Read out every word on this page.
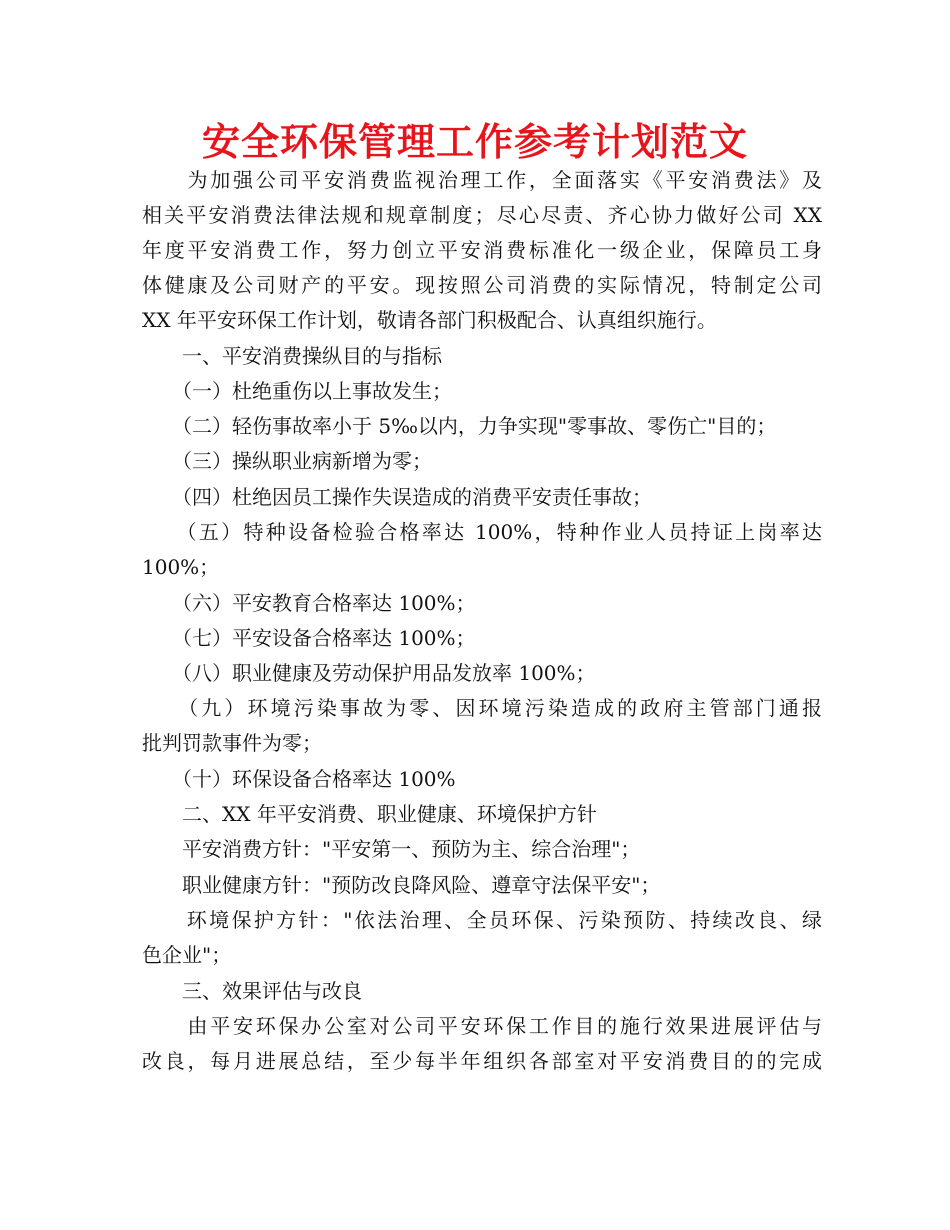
安全环保管理工作参考计划范文

　　为加强公司平安消费监视治理工作，全面落实《平安消费法》及

相关平安消费法律法规和规章制度；尽心尽责、齐心协力做好公司 XX

年度平安消费工作，努力创立平安消费标准化一级企业，保障员工身

体健康及公司财产的平安。现按照公司消费的实际情况，特制定公司

XX 年平安环保工作计划，敬请各部门积极配合、认真组织施行。

　　一、平安消费操纵目的与指标

　　（一）杜绝重伤以上事故发生；

　　（二）轻伤事故率小于 5‰以内，力争实现"零事故、零伤亡"目的；

　　（三）操纵职业病新增为零；

　　（四）杜绝因员工操作失误造成的消费平安责任事故；

　　（五）特种设备检验合格率达 100%，特种作业人员持证上岗率达

100%；

　　（六）平安教育合格率达 100%；

　　（七）平安设备合格率达 100%；

　　（八）职业健康及劳动保护用品发放率 100%；

　　（九）环境污染事故为零、因环境污染造成的政府主管部门通报

批判罚款事件为零；

　　（十）环保设备合格率达 100%

　　二、XX 年平安消费、职业健康、环境保护方针

　　平安消费方针："平安第一、预防为主、综合治理"；

　　职业健康方针："预防改良降风险、遵章守法保平安"；

　　环境保护方针："依法治理、全员环保、污染预防、持续改良、绿

色企业"；

　　三、效果评估与改良

　　由平安环保办公室对公司平安环保工作目的施行效果进展评估与

改良，每月进展总结，至少每半年组织各部室对平安消费目的的完成
